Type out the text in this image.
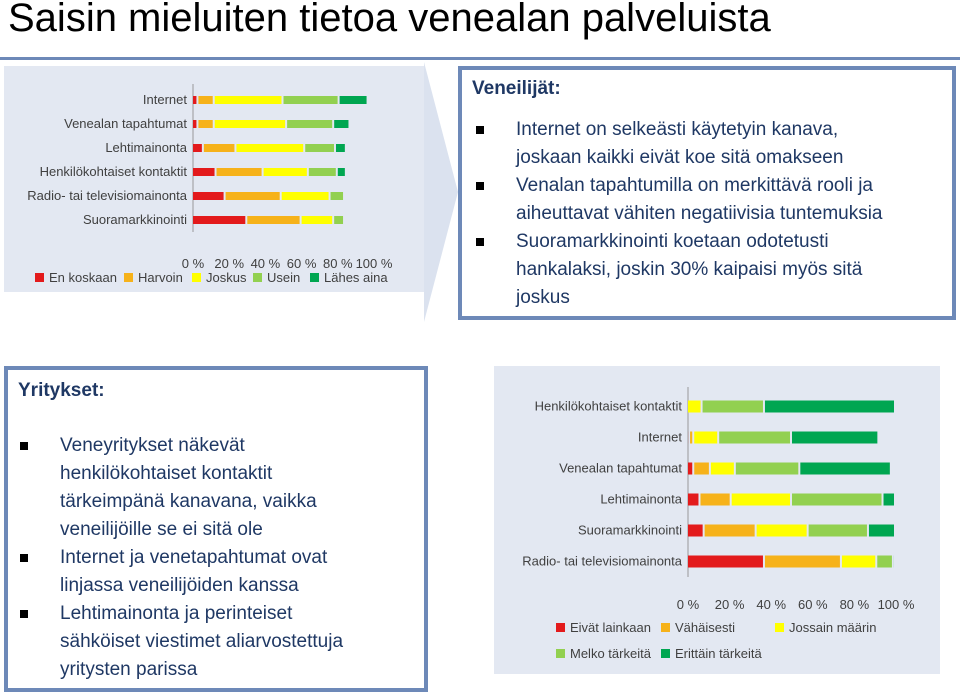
Saisin mieluiten tietoa venealan palveluista
Internet
Venealan tapahtumat
Lehtimainonta
Henkilökohtaiset kontaktit
Radio- tai televisiomainonta
Suoramarkkinointi
0 % 20 % 40 % 60 % 80 % 100 %
En koskaan Harvoin Joskus Usein Lähes aina
Veneilijät:
Internet on selkeästi käytetyin kanava,
joskaan kaikki eivät koe sitä omakseen
Venalan tapahtumilla on merkittävä rooli ja
aiheuttavat vähiten negatiivisia tuntemuksia
Suoramarkkinointi koetaan odotetusti
hankalaksi, joskin 30% kaipaisi myös sitä
joskus
Yritykset:
Veneyritykset näkevät
henkilökohtaiset kontaktit
tärkeimpänä kanavana, vaikka
veneilijöille se ei sitä ole
Internet ja venetapahtumat ovat
linjassa veneilijöiden kanssa
Lehtimainonta ja perinteiset
sähköiset viestimet aliarvostettuja
yritysten parissa
Henkilökohtaiset kontaktit
Internet
Venealan tapahtumat
Lehtimainonta
Suoramarkkinointi
Radio- tai televisiomainonta
0 % 20 % 40 % 60 % 80 % 100 %
Eivät lainkaan Vähäisesti	Jossain määrin
Melko tärkeitä Erittäin tärkeitä
